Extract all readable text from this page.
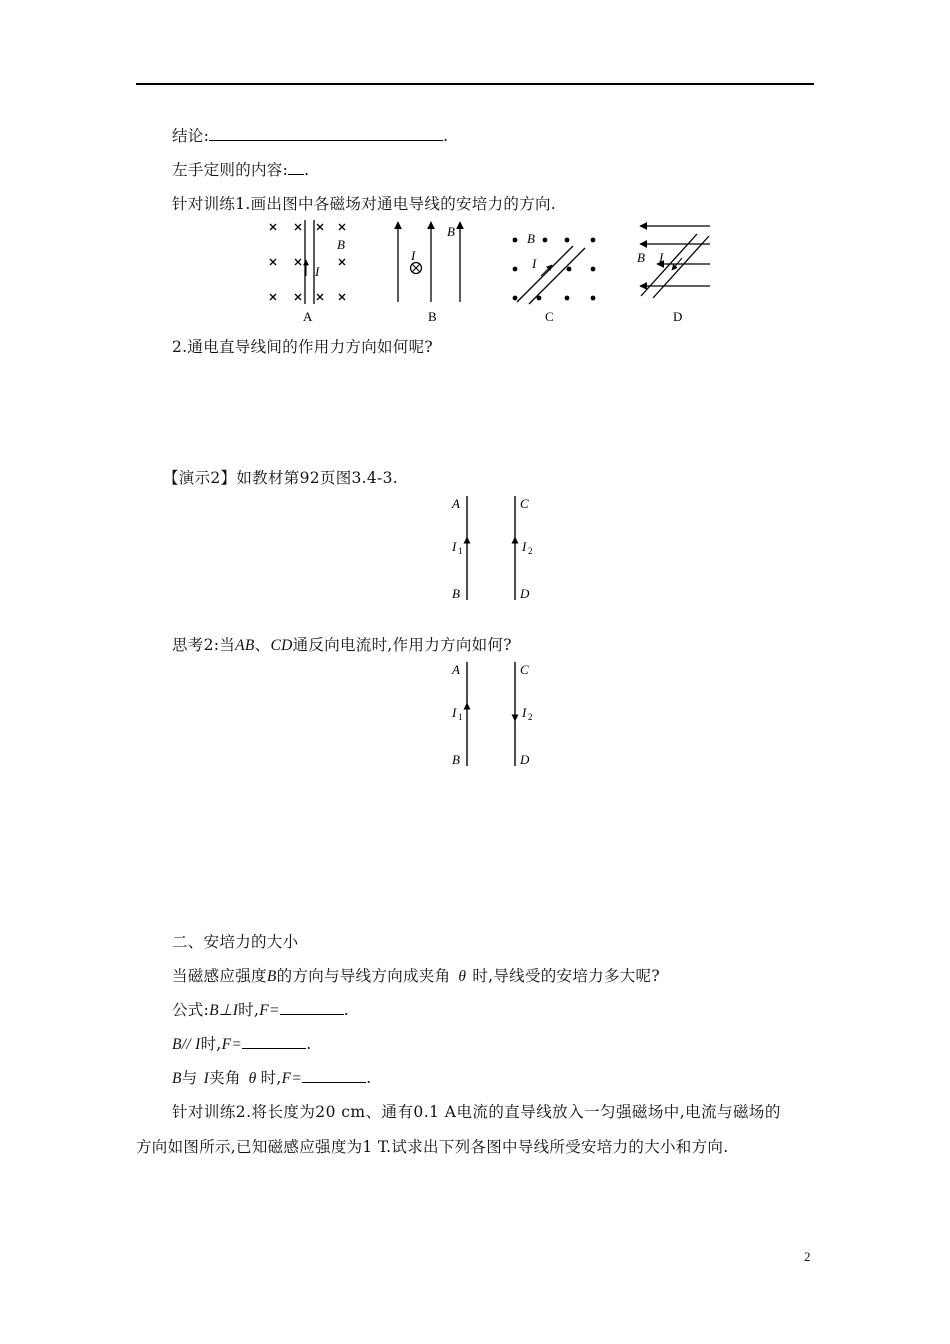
结论:	.
左手定则的内容: .
针对训练1.画出图中各磁场对通电导线的安培力的方向.
B
I
A
I
B
B
B
I
C
B I
D
2.通电直导线间的作用力方向如何呢?
【演示2】如教材第92页图3.4-3.
A	C
I 1	I 2
B	D
思考2:当AB、CD通反向电流时,作用力方向如何?
A	C
I 1	I 2
B	D
二、安培力的大小
当磁感应强度B的方向与导线方向成夹角 θ 时,导线受的安培力多大呢?
公式:B⊥I时,F=	.
B// I时,F=	.
B与 I夹角 θ 时,F=	.
针对训练2.将长度为20 cm、通有0.1 A电流的直导线放入一匀强磁场中,电流与磁场的
方向如图所示,已知磁感应强度为1 T.试求出下列各图中导线所受安培力的大小和方向.
2
